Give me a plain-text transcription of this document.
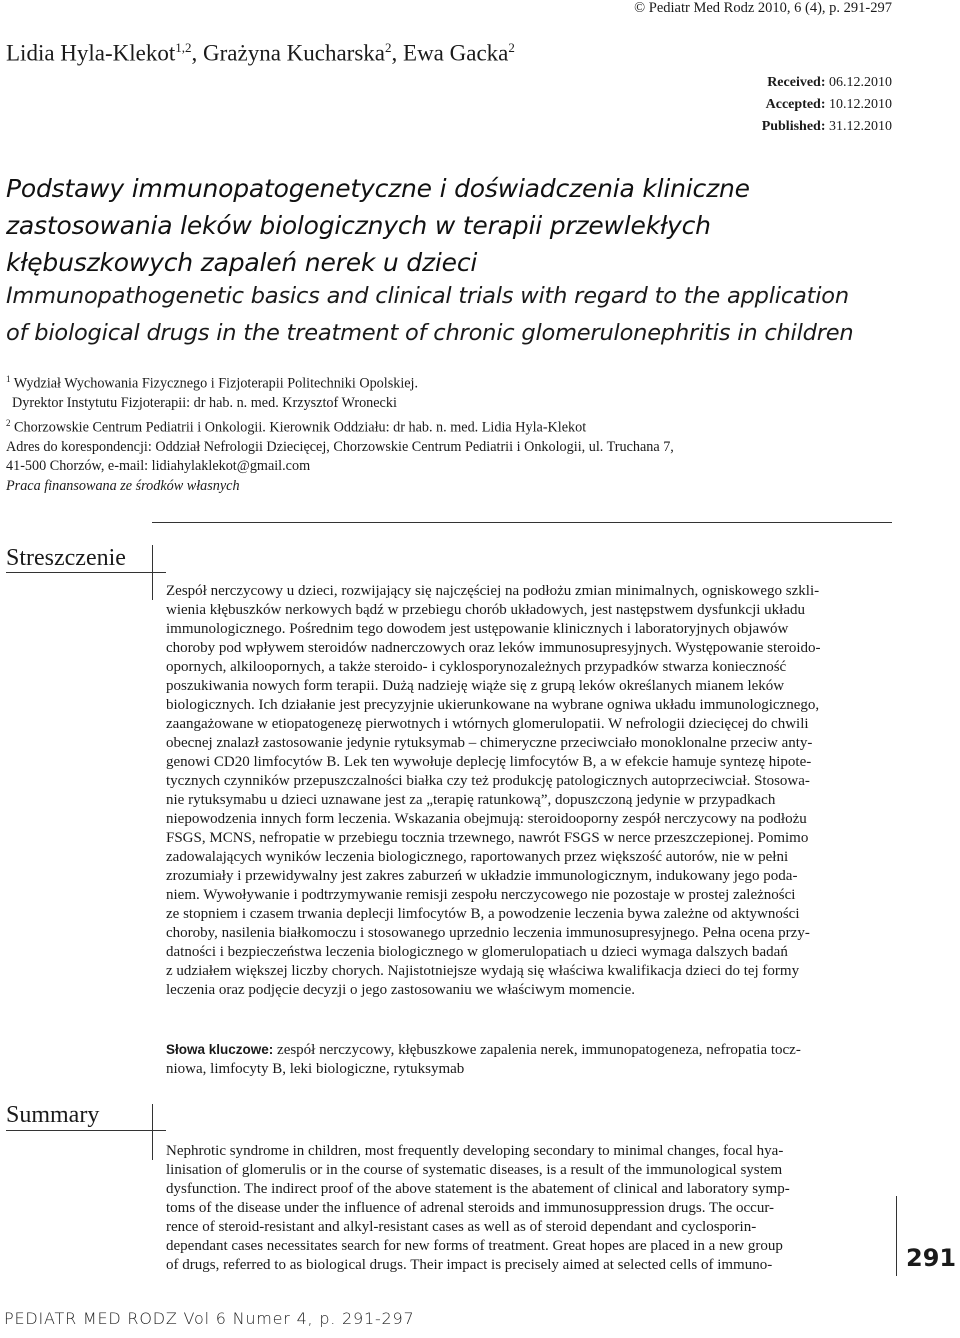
© Pediatr Med Rodz 2010, 6 (4), p. 291-297
Lidia Hyla-Klekot$^{1,2}$, Grażyna Kucharska$^2$, Ewa Gacka$^2$
Received: 06.12.2010
Accepted: 10.12.2010
Published: 31.12.2010
Podstawy immunopatogenetyczne i doświadczenia kliniczne
zastosowania leków biologicznych w terapii przewlekłych
kłębuszkowych zapaleń nerek u dzieci
Immunopathogenetic basics and clinical trials with regard to the application
of biological drugs in the treatment of chronic glomerulonephritis in children
$^1$ Wydział Wychowania Fizycznego i Fizjoterapii Politechniki Opolskiej.
Dyrektor Instytutu Fizjoterapii: dr hab. n. med. Krzysztof Wronecki
$^2$ Chorzowskie Centrum Pediatrii i Onkologii. Kierownik Oddziału: dr hab. n. med. Lidia Hyla-Klekot
Adres do korespondencji: Oddział Nefrologii Dziecięcej, Chorzowskie Centrum Pediatrii i Onkologii, ul. Truchana 7,
41-500 Chorzów, e-mail: lidiahylaklekot@gmail.com
Praca finansowana ze środków własnych
Streszczenie
Zespół nerczycowy u dzieci, rozwijający się najczęściej na podłożu zmian minimalnych, ogniskowego szkli-
wienia kłębuszków nerkowych bądź w przebiegu chorób układowych, jest następstwem dysfunkcji układu
immunologicznego. Pośrednim tego dowodem jest ustępowanie klinicznych i laboratoryjnych objawów
choroby pod wpływem steroidów nadnerczowych oraz leków immunosupresyjnych. Występowanie steroido-
opornych, alkiloopornych, a także steroido- i cyklosporynozależnych przypadków stwarza konieczność
poszukiwania nowych form terapii. Dużą nadzieję wiąże się z grupą leków określanych mianem leków
biologicznych. Ich działanie jest precyzyjnie ukierunkowane na wybrane ogniwa układu immunologicznego,
zaangażowane w etiopatogenezę pierwotnych i wtórnych glomerulopatii. W nefrologii dziecięcej do chwili
obecnej znalazł zastosowanie jedynie rytuksymab – chimeryczne przeciwciało monoklonalne przeciw anty-
genowi CD20 limfocytów B. Lek ten wywołuje deplecję limfocytów B, a w efekcie hamuje syntezę hipote-
tycznych czynników przepuszczalności białka czy też produkcję patologicznych autoprzeciwciał. Stosowa-
nie rytuksymabu u dzieci uznawane jest za „terapię ratunkową”, dopuszczoną jedynie w przypadkach
niepowodzenia innych form leczenia. Wskazania obejmują: steroidooporny zespół nerczycowy na podłożu
FSGS, MCNS, nefropatie w przebiegu tocznia trzewnego, nawrót FSGS w nerce przeszczepionej. Pomimo
zadowalających wyników leczenia biologicznego, raportowanych przez większość autorów, nie w pełni
zrozumiały i przewidywalny jest zakres zaburzeń w układzie immunologicznym, indukowany jego poda-
niem. Wywoływanie i podtrzymywanie remisji zespołu nerczycowego nie pozostaje w prostej zależności
ze stopniem i czasem trwania deplecji limfocytów B, a powodzenie leczenia bywa zależne od aktywności
choroby, nasilenia białkomoczu i stosowanego uprzednio leczenia immunosupresyjnego. Pełna ocena przy-
datności i bezpieczeństwa leczenia biologicznego w glomerulopatiach u dzieci wymaga dalszych badań
z udziałem większej liczby chorych. Najistotniejsze wydają się właściwa kwalifikacja dzieci do tej formy
leczenia oraz podjęcie decyzji o jego zastosowaniu we właściwym momencie.
Słowa kluczowe: zespół nerczycowy, kłębuszkowe zapalenia nerek, immunopatogeneza, nefropatia tocz-
niowa, limfocyty B, leki biologiczne, rytuksymab
Summary
Nephrotic syndrome in children, most frequently developing secondary to minimal changes, focal hya-
linisation of glomerulis or in the course of systematic diseases, is a result of the immunological system
dysfunction. The indirect proof of the above statement is the abatement of clinical and laboratory symp-
toms of the disease under the influence of adrenal steroids and immunosuppression drugs. The occur-
rence of steroid-resistant and alkyl-resistant cases as well as of steroid dependant and cyclosporin-
dependant cases necessitates search for new forms of treatment. Great hopes are placed in a new group
of drugs, referred to as biological drugs. Their impact is precisely aimed at selected cells of immuno-	291
PEDIATR MED RODZ Vol 6 Numer 4, p. 291-297
